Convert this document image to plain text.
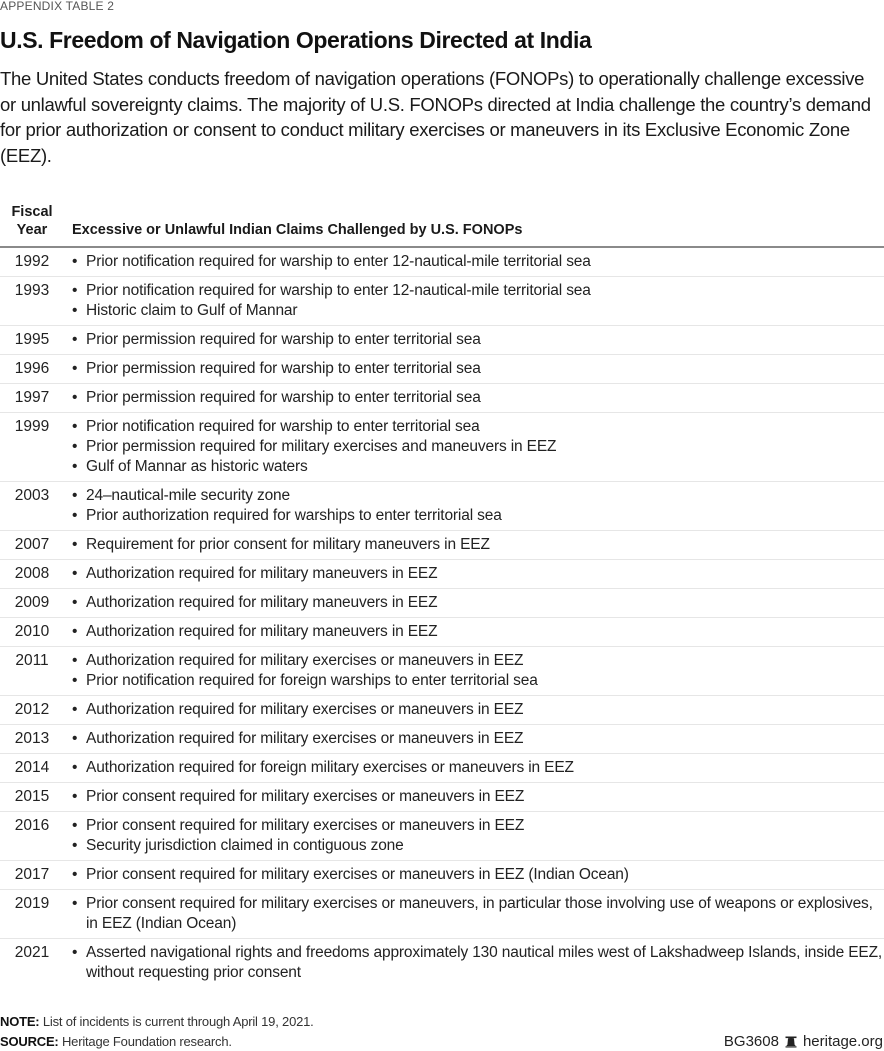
APPENDIX TABLE 2
U.S. Freedom of Navigation Operations Directed at India

The United States conducts freedom of navigation operations (FONOPs) to operationally challenge excessive or unlawful sovereignty claims. The majority of U.S. FONOPs directed at India challenge the country’s demand for prior authorization or consent to conduct military exercises or maneuvers in its Exclusive Economic Zone (EEZ).

Fiscal Year	Excessive or Unlawful Indian Claims Challenged by U.S. FONOPs
1992	• Prior notification required for warship to enter 12-nautical-mile territorial sea
1993	• Prior notification required for warship to enter 12-nautical-mile territorial sea
• Historic claim to Gulf of Mannar
1995	• Prior permission required for warship to enter territorial sea
1996	• Prior permission required for warship to enter territorial sea
1997	• Prior permission required for warship to enter territorial sea
1999	• Prior notification required for warship to enter territorial sea
• Prior permission required for military exercises and maneuvers in EEZ
• Gulf of Mannar as historic waters
2003	• 24–nautical-mile security zone
• Prior authorization required for warships to enter territorial sea
2007	• Requirement for prior consent for military maneuvers in EEZ
2008	• Authorization required for military maneuvers in EEZ
2009	• Authorization required for military maneuvers in EEZ
2010	• Authorization required for military maneuvers in EEZ
2011	• Authorization required for military exercises or maneuvers in EEZ
• Prior notification required for foreign warships to enter territorial sea
2012	• Authorization required for military exercises or maneuvers in EEZ
2013	• Authorization required for military exercises or maneuvers in EEZ
2014	• Authorization required for foreign military exercises or maneuvers in EEZ
2015	• Prior consent required for military exercises or maneuvers in EEZ
2016	• Prior consent required for military exercises or maneuvers in EEZ
• Security jurisdiction claimed in contiguous zone
2017	• Prior consent required for military exercises or maneuvers in EEZ (Indian Ocean)
2019	• Prior consent required for military exercises or maneuvers, in particular those involving use of weapons or explosives, in EEZ (Indian Ocean)
2021	• Asserted navigational rights and freedoms approximately 130 nautical miles west of Lakshadweep Islands, inside EEZ, without requesting prior consent
NOTE: List of incidents is current through April 19, 2021.
SOURCE: Heritage Foundation research.	BG3608 heritage.org
